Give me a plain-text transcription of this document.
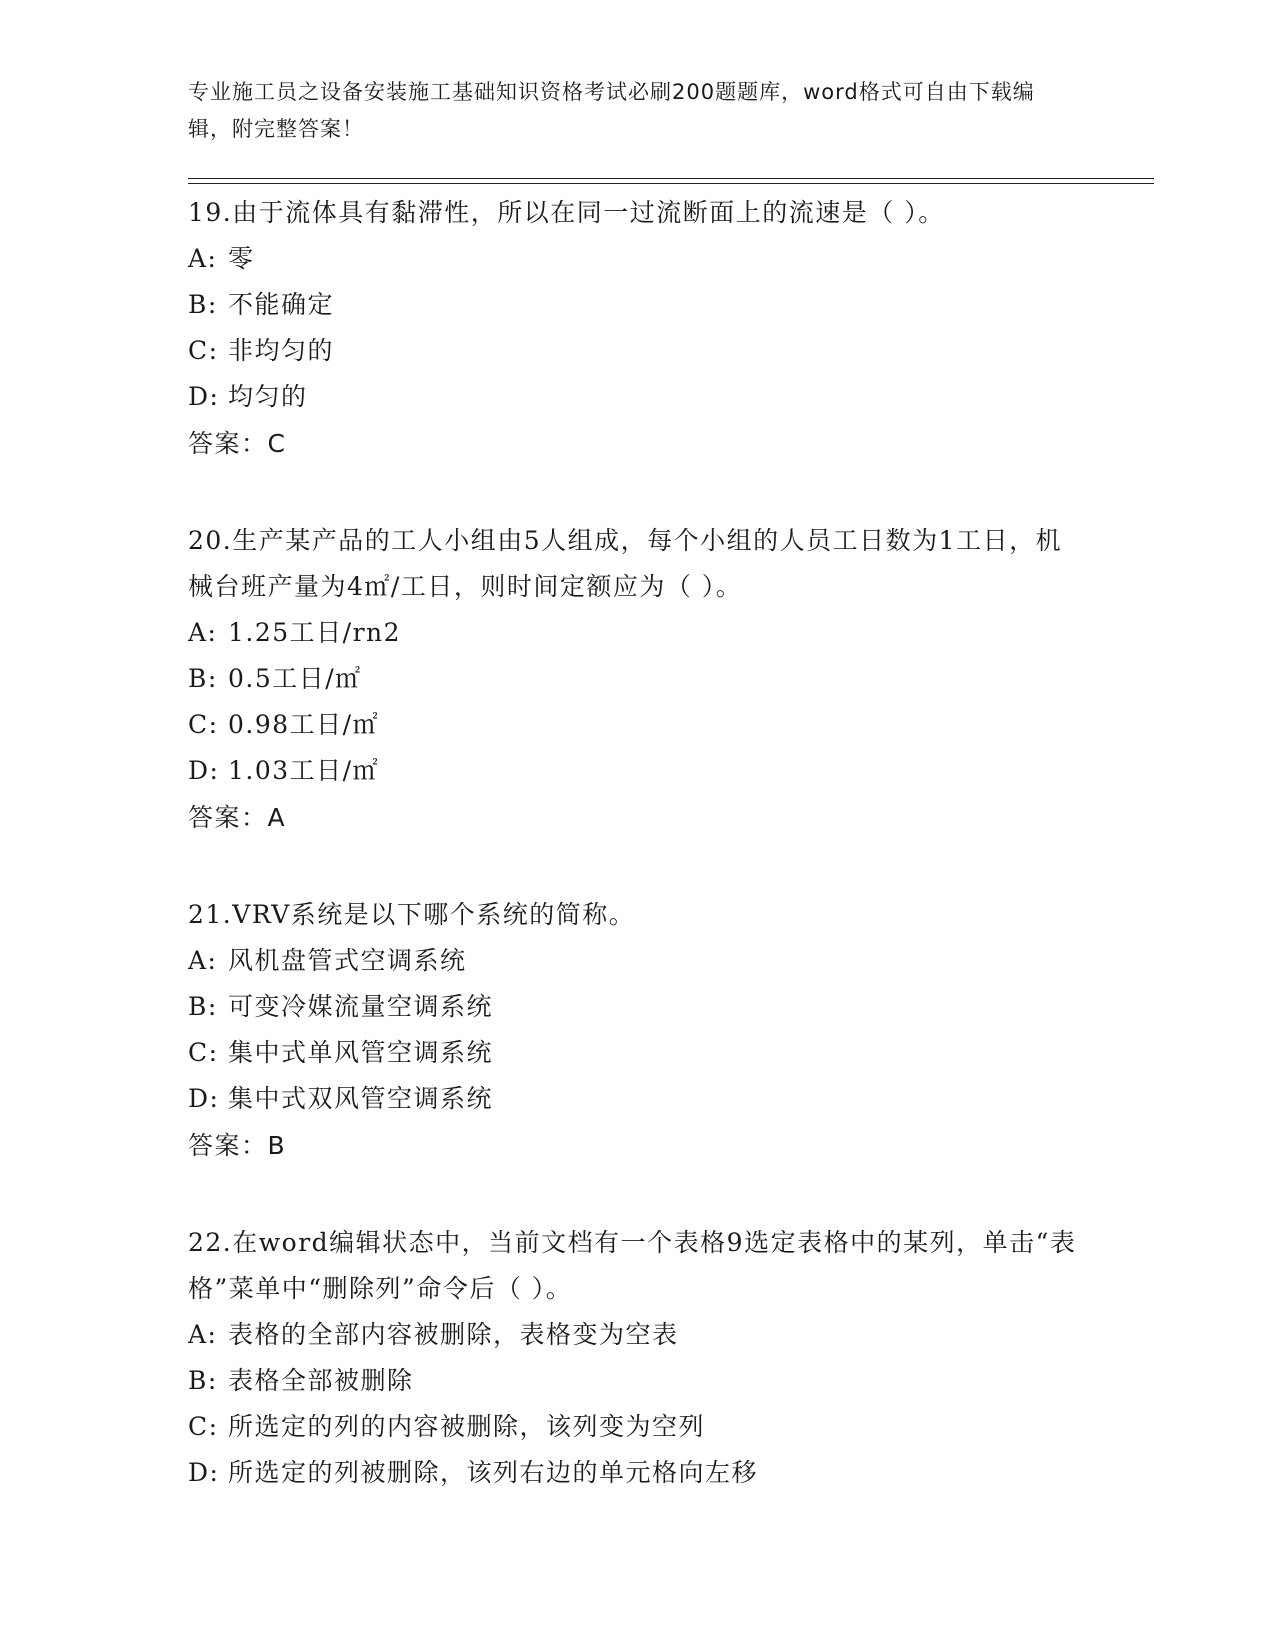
专业施工员之设备安装施工基础知识资格考试必刷200题题库，word格式可自由下载编辑，附完整答案！
19.由于流体具有黏滞性，所以在同一过流断面上的流速是（ ）。
A: 零
B: 不能确定
C: 非均匀的
D: 均匀的
答案：C
20.生产某产品的工人小组由5人组成，每个小组的人员工日数为1工日，机械台班产量为4㎡/工日，则时间定额应为（ ）。
A: 1.25工日/rn2
B: 0.5工日/㎡
C: 0.98工日/㎡
D: 1.03工日/㎡
答案：A
21.VRV系统是以下哪个系统的简称。
A: 风机盘管式空调系统
B: 可变冷媒流量空调系统
C: 集中式单风管空调系统
D: 集中式双风管空调系统
答案：B
22.在word编辑状态中，当前文档有一个表格9选定表格中的某列，单击“表格”菜单中“删除列”命令后（ ）。
A: 表格的全部内容被删除，表格变为空表
B: 表格全部被删除
C: 所选定的列的内容被删除，该列变为空列
D: 所选定的列被删除，该列右边的单元格向左移
